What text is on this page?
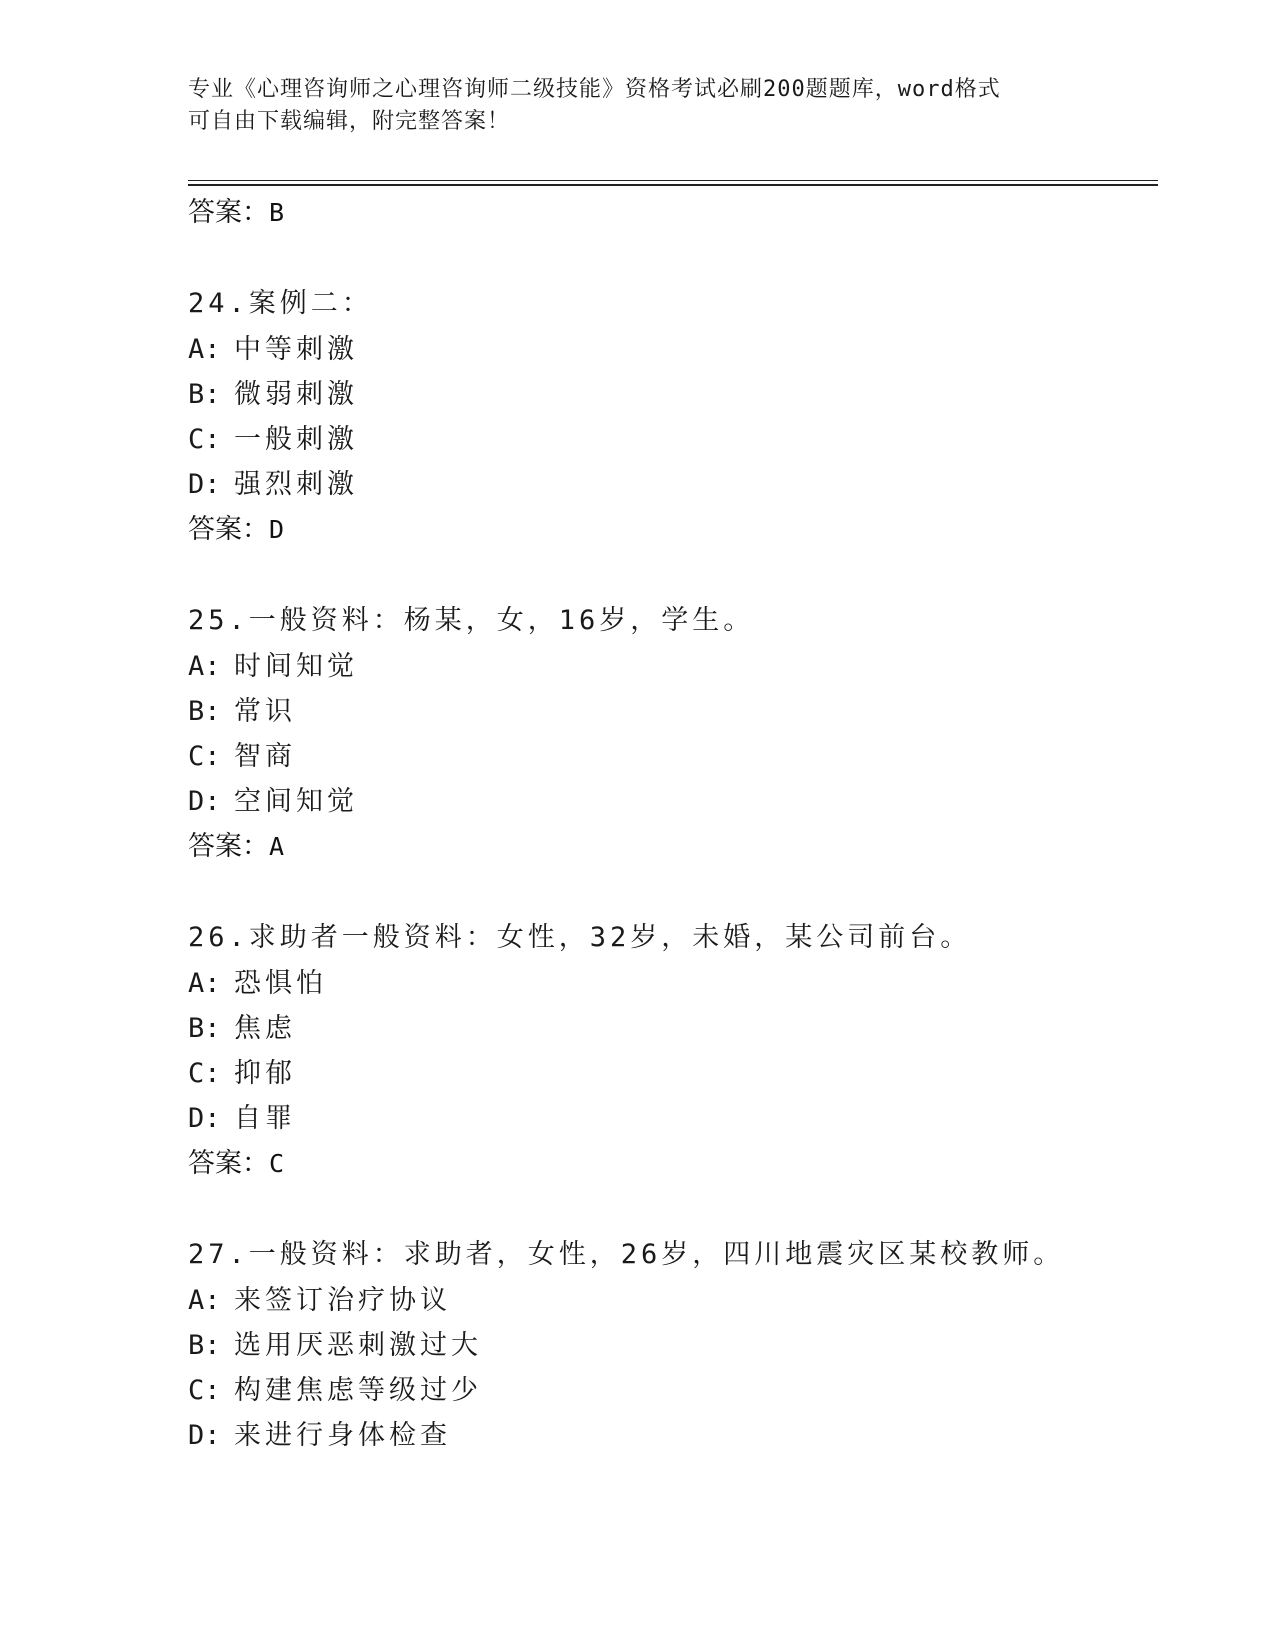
专业《心理咨询师之心理咨询师二级技能》资格考试必刷200题题库，word格式
可自由下载编辑，附完整答案！
答案：B
24.案例二：
A: 中等刺激
B: 微弱刺激
C: 一般刺激
D: 强烈刺激
答案：D
25.一般资料：杨某，女，16岁，学生。
A: 时间知觉
B: 常识
C: 智商
D: 空间知觉
答案：A
26.求助者一般资料：女性，32岁，未婚，某公司前台。
A: 恐惧怕
B: 焦虑
C: 抑郁
D: 自罪
答案：C
27.一般资料：求助者，女性，26岁，四川地震灾区某校教师。
A: 来签订治疗协议
B: 选用厌恶刺激过大
C: 构建焦虑等级过少
D: 来进行身体检查
